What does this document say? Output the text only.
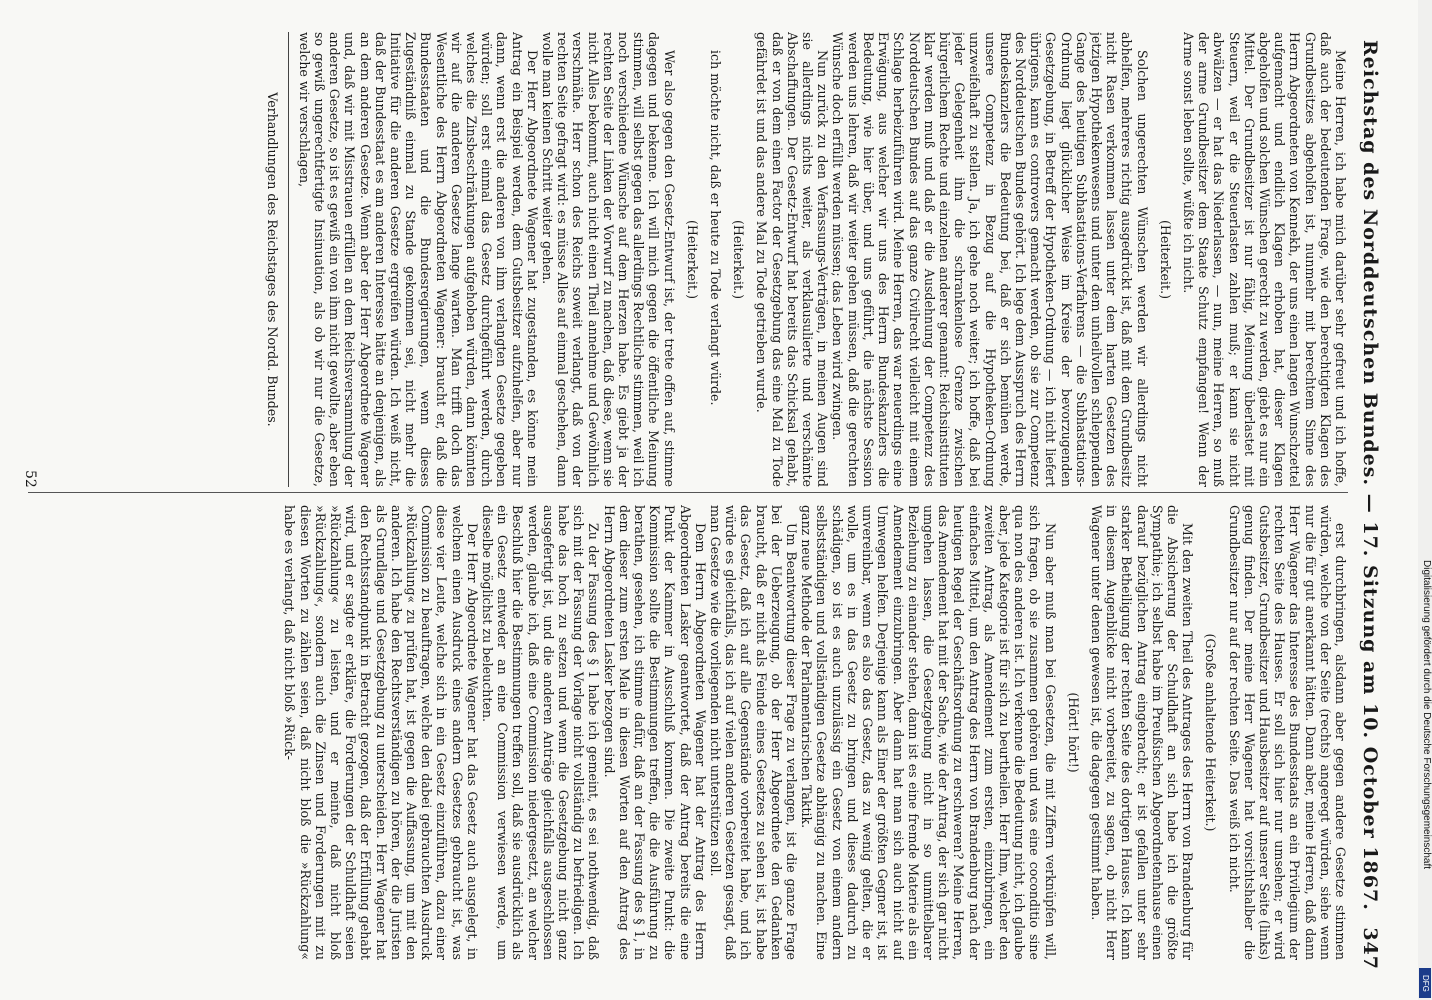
Reichstag des Norddeutschen Bundes. — 17. Sitzung am 10. October 1867.
347

Meine Herren, ich habe mich darüber sehr gefreut und ich hoffe, daß auch der bedeutenden Frage, wie den berechtigten Klagen des Grundbesitzes abgeholfen ist, nunmehr mit berechtem Sinne des Herrn Abgeordneten von Kennekh, der uns einen langen Wunschzettel aufgemacht und endlich Klagen erhoben hat, dieser Klagen abgeholfen und solchen Wünschen gerecht zu werden, giebt es nur ein Mittel. Der Grundbesitzer ist nur fähig, Meinung überlastet mit Steuern, weil er die Steuerlasten zahlen muß; er kann sie nicht abwälzen — er hat das Niederlassen, — nun, meine Herren, so muß der arme Grundbesitzer dem Staate Schutz empfangen! Wenn der Arme sonst leben sollte, wüßte ich nicht.

(Heiterkeit.)

Solchen ungerechten Wünschen werden wir allerdings nicht abhelfen, mehreres richtig ausgedrückt ist, daß mit dem Grundbesitz nicht Rasen verkommen lassen unter dem harten Gesetzen des jetzigen Hypothekenwesens und unter dem unheilvollen schleppenden Gange des heutigen Subhastations-Verfahrens — die Subhastations-Ordnung liegt glücklicher Weise im Kreise der bevorzugenden Gesetzgebung, in Betreff der Hypotheken-Ordnung — ich nicht liefert übrigens, kann es controvers gemacht werden, ob sie zur Competenz des Norddeutschen Bundes gehört. Ich lege dem Ausspruch des Herrn Bundeskanzlers die Bedeutung bei, daß er sich bemühen werde, unsere Competenz in Bezug auf die Hypotheken-Ordnung unzweifelhaft zu stellen. Ja, ich gehe noch weiter; ich hoffe, daß bei jeder Gelegenheit ihm die schrankenlose Grenze zwischen bürgerlichem Rechte und einzelnen anderer genannt: Reichsinstituten klar werden muß und daß er die Ausdehnung der Competenz des Norddeutschen Bundes auf das ganze Civilrecht vielleicht mit einem Schlage herbeizuführen wird. Meine Herren, das war neuerdings eine Erwägung, aus welcher wir uns des Herrn Bundeskanzlers die Bedeutung, wie hier über, und uns geführt, die nächste Session werden uns lehren, daß wir weiter gehen müssen, daß die gerechten Wünsche doch erfüllt werden müssen; das Leben wird zwingen.

Nun zurück zu den Verfassungs-Verträgen, in meinen Augen sind sie allerdings nichts weiter, als verklausulierte und verschämte Abschaffungen. Der Gesetz-Entwurf hat bereits das Schicksal gehabt, daß er von dem einen Factor der Gesetzgebung das eine Mal zu Tode gefährdet ist und das andere Mal zu Tode getrieben wurde.

(Heiterkeit.)

ich möchte nicht, daß er heute zu Tode verlangt würde.

(Heiterkeit.)

Wer also gegen den Gesetz-Entwurf ist, der trete offen auf, stimme dagegen und bekenne. Ich will mich gegen die öffentliche Meinung stimmen, will selbst gegen das allerdings Rechtliche stimmen, weil ich noch verschiedene Wünsche auf dem Herzen habe. Es giebt ja der rechten Seite der Linken der Vorwurf zu machen, daß diese, wenn sie nicht Alles bekommt, auch nicht einen Theil annehme und Gewöhnlich verschmähe. Herr schon des Reichs soweit verlangt, daß von der rechten Seite gefragt wird: es müsse Alles auf einmal geschehen, dann wolle man keinen Schritt weiter gehen.

Der Herr Abgeordnete Wagener hat zugestanden, es könne mein Antrag ein Beispiel werden, dem Gutsbesitzer aufzuhelfen, aber nur dann, wenn erst die anderen von ihm verlangten Gesetze gegeben würden; soll erst einmal das Gesetz durchgeführt werden, durch welches die Zinsbeschränkungen aufgehoben würden, dann könnten wir auf die anderen Gesetze lange warten. Man trifft doch das Wesentliche des Herrn Abgeordneten Wagener: braucht er, daß die Bundesstaaten und die Bundesregierungen, wenn dieses Zugeständniß einmal zu Stande gekommen sei, nicht mehr die Initiative für die anderen Gesetze ergreifen würden. Ich weiß nicht, daß der Bundesstaat es am anderen Interesse hätte an denjenigen, als an dem anderen Gesetze. Wenn aber der Herr Abgeordnete Wagener und, daß wir mit Misstrauen erfüllen an dem Reichsversammlung der anderen Gesetze, so ist es gewiß ein von ihm nicht gewollte, aber eben so gewiß ungerechtfertigte Insinuation, als ob wir nur die Gesetze, welche wir verschlagen,

Verhandlungen des Reichstages des Nordd. Bundes.

erst durchbringen, alsdann aber gegen andere Gesetze stimmen würden, welche von der Seite (rechts) angeregt würden, siehe wenn nur die für gut anerkannt hätten. Dann aber, meine Herren, daß dann Herr Wagener das Interesse des Bundesstaats an ein Privilegium der rechten Seite des Hauses. Er soll sich hier nur umsehen; er wird Gutsbesitzer, Grundbesitzer und Hausbesitzer auf unserer Seite (links) genug finden. Der meine Herr Wagener hat vorsichtshalber die Grundbesitzer nur auf der rechten Seite. Das weiß ich nicht.

(Große anhaltende Heiterkeit.)

Mit den zweiten Theil des Antrages des Herrn von Brandenburg für die Absicherung der Schuldhaft an sich habe ich die größte Sympathie; ich selbst habe im Preußischen Abgeordnetenhause einen darauf bezüglichen Antrag eingebracht; er ist gefallen unter sehr starker Betheiligung der rechten Seite des dortigen Hauses. Ich kann in diesem Augenblicke nicht vorbereitet, zu sagen, ob nicht Herr Wagener unter denen gewesen ist, die dagegen gestimmt haben.

(Hört! hört!)

Nun aber muß man bei Gesetzen, die mit Ziffern verknüpfen will, sich fragen, ob sie zusammen gehören und was eine coconditio sine qua non des anderen ist. Ich verkenne die Bedeutung nicht, ich glaube aber, jede Kategorie ist für sich zu beurtheilen. Herr Ihm, welcher den zweiten Antrag, als Amendement zum ersten, einzubringen, ein einfaches Mittel, um den Antrag des Herrn von Brandenburg nach der heutigen Regel der Geschäftsordnung zu erschweren? Meine Herren, das Amendement hat mit der Sache, wie der Antrag, der sich gar nicht umgehen lassen, die Gesetzgebung nicht in so unmittelbarer Beziehung zu einander stehen, dann ist es eine fremde Materie als ein Amendement einzubringen. Aber dann hat man sich auch nicht auf Umwegen helfen. Derjenige kann als Einer der größten Gegner ist, ist unvereinbar, wenn es also das Gesetz, das zu wenig gelten, die er wolle, um es in das Gesetz zu bringen und dieses dadurch zu schädigen, so ist es auch unzulässig ein Gesetz von einem andern selbstständigen und vollständigen Gesetze abhängig zu machen. Eine ganz neue Methode der Parlamentarischen Taktik.

Um Beantwortung dieser Frage zu verlangen, ist die ganze Frage bei der Ueberzeugung, ob der Herr Abgeordnete den Gedanken braucht, daß er nicht als Feinde eines Gesetzes zu sehen ist, ist habe das Gesetz, daß ich auf alle Gegenstände vorbereitet habe, und ich würde es gleichfalls, das ich auf vielen anderen Gesetzen gesagt, daß man Gesetze wie die vorliegenden nicht unterstützen soll.

Dem Herrn Abgeordneten Wagener hat der Antrag des Herrn Abgeordneten Lasker geantwortet, daß der Antrag bereits die eine Punkt der Kammer in Ausschluß kommen. Die zweite Punkt: die Kommission sollte die Bestimmungen treffen, die die Ausführung zu berathen, gesehen, ich stimme dafür, daß an der Fassung des § 1, in dem dieser zum ersten Male in diesen Worten auf den Antrag des Herrn Abgeordneten Lasker bezogen sind.

Zu der Fassung des § 1 habe ich gemeint, es sei nothwendig, daß sich mit der Fassung der Vorlage nicht vollständig zu befriedigen. Ich habe das hoch zu setzen und wenn die Gesetzgebung nicht ganz ausgefertigt ist, und die anderen Anträge gleichfalls ausgeschlossen werden, glaube ich, daß eine Commission niedergesetzt, an welcher Beschluß hier die Bestimmungen treffen soll, daß sie ausdrücklich als ein Gesetz entweder an eine Commission verwiesen werde, um dieselbe möglichst zu beleuchten.

Der Herr Abgeordnete Wagener hat das Gesetz auch ausgelegt, in welchem einen Ausdruck eines andern Gesetzes gebraucht ist, was diese vier Leute, welche sich in ein Gesetz einzuführen, dazu einer Commission zu beauftragen, welche den dabei gebrauchten Ausdruck »Rückzahlung« zu prüfen hat, ist gegen die Auffassung, um mit den anderen. Ich habe den Rechtsverständigen zu hören, der die Juristen als Grundlage und Gesetzgebung zu unterscheiden. Herr Wagener hat den Rechtsstandpunkt in Betracht gezogen, daß der Erfüllung gehabt wird, und er sagte er erkläre, die Forderungen der Schuldhaft seien »Rückzahlung« zu leisten, und er meinte, daß nicht bloß »Rückzahlung«, sondern auch die Zinsen und Forderungen mit zu diesen Worten zu zählen seien, daß nicht bloß die »Rückzahlung« habe es verlangt, daß nicht bloß »Rück-

52
Digitalisierung gefördert durch die Deutsche Forschungsgemeinschaft
DFG
